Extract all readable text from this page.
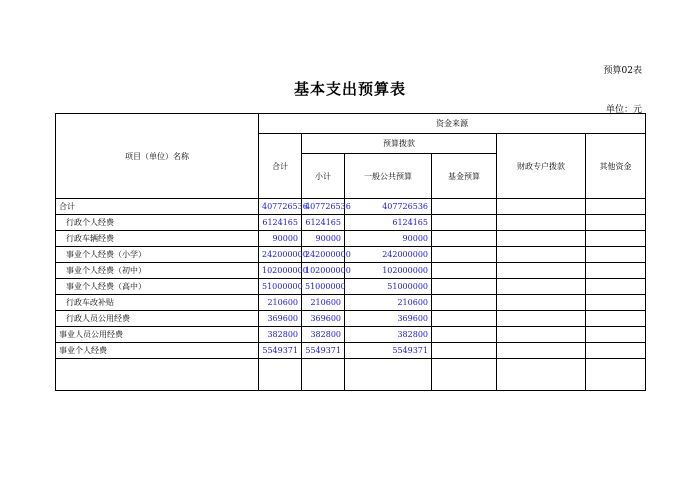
预算02表
基本支出预算表
单位：元
项目（单位）名称	资金来源					
	合计	预算拨款			财政专户拨款	其他资金
		小计	一般公共预算	基金预算		
合计	407726536	407726536	407726536			
行政个人经费	6124165	6124165	6124165			
行政车辆经费	90000	90000	90000			
事业个人经费（小学）	242000000	242000000	242000000			
事业个人经费（初中）	102000000	102000000	102000000			
事业个人经费（高中）	51000000	51000000	51000000			
行政车改补贴	210600	210600	210600			
行政人员公用经费	369600	369600	369600			
事业人员公用经费	382800	382800	382800			
事业个人经费	5549371	5549371	5549371			
